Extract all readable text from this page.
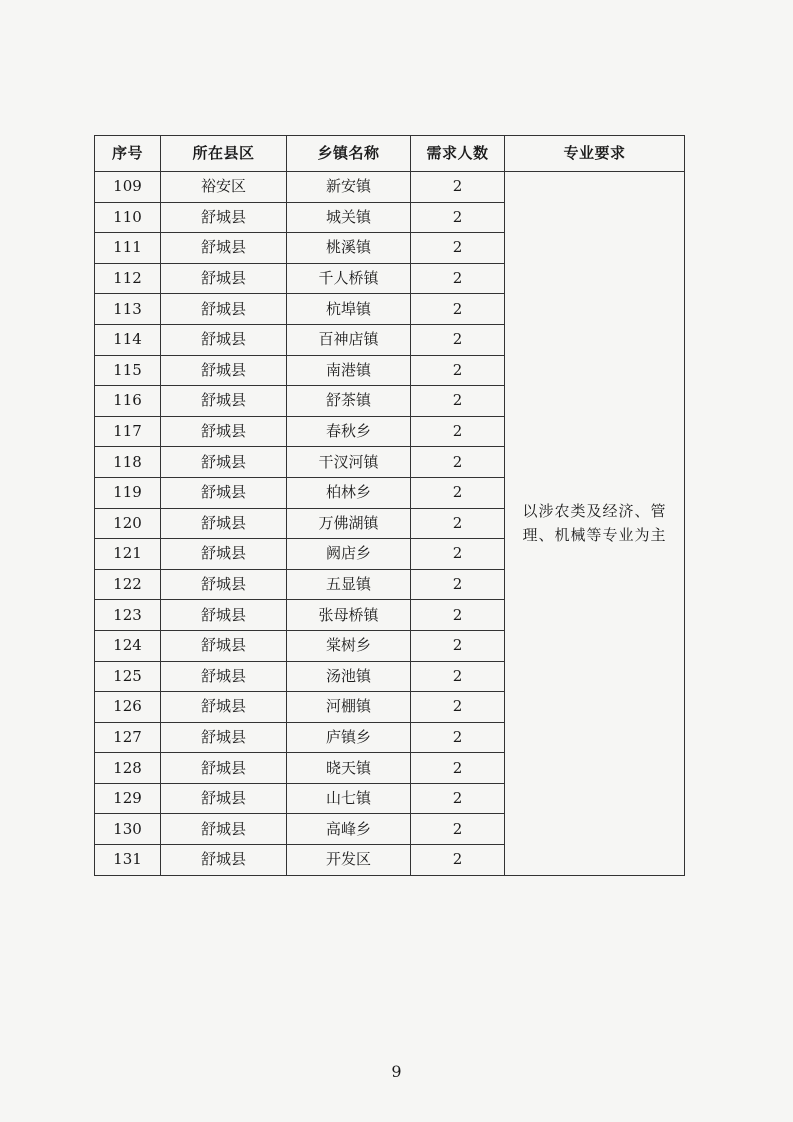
序号	所在县区	乡镇名称	需求人数	专业要求
109	裕安区	新安镇	2	以涉农类及经济、管理、机械等专业为主
110	舒城县	城关镇	2	
111	舒城县	桃溪镇	2	
112	舒城县	千人桥镇	2	
113	舒城县	杭埠镇	2	
114	舒城县	百神店镇	2	
115	舒城县	南港镇	2	
116	舒城县	舒茶镇	2	
117	舒城县	春秋乡	2	
118	舒城县	干汊河镇	2	
119	舒城县	柏林乡	2	
120	舒城县	万佛湖镇	2	
121	舒城县	阙店乡	2	
122	舒城县	五显镇	2	
123	舒城县	张母桥镇	2	
124	舒城县	棠树乡	2	
125	舒城县	汤池镇	2	
126	舒城县	河棚镇	2	
127	舒城县	庐镇乡	2	
128	舒城县	晓天镇	2	
129	舒城县	山七镇	2	
130	舒城县	高峰乡	2	
131	舒城县	开发区	2	
9
